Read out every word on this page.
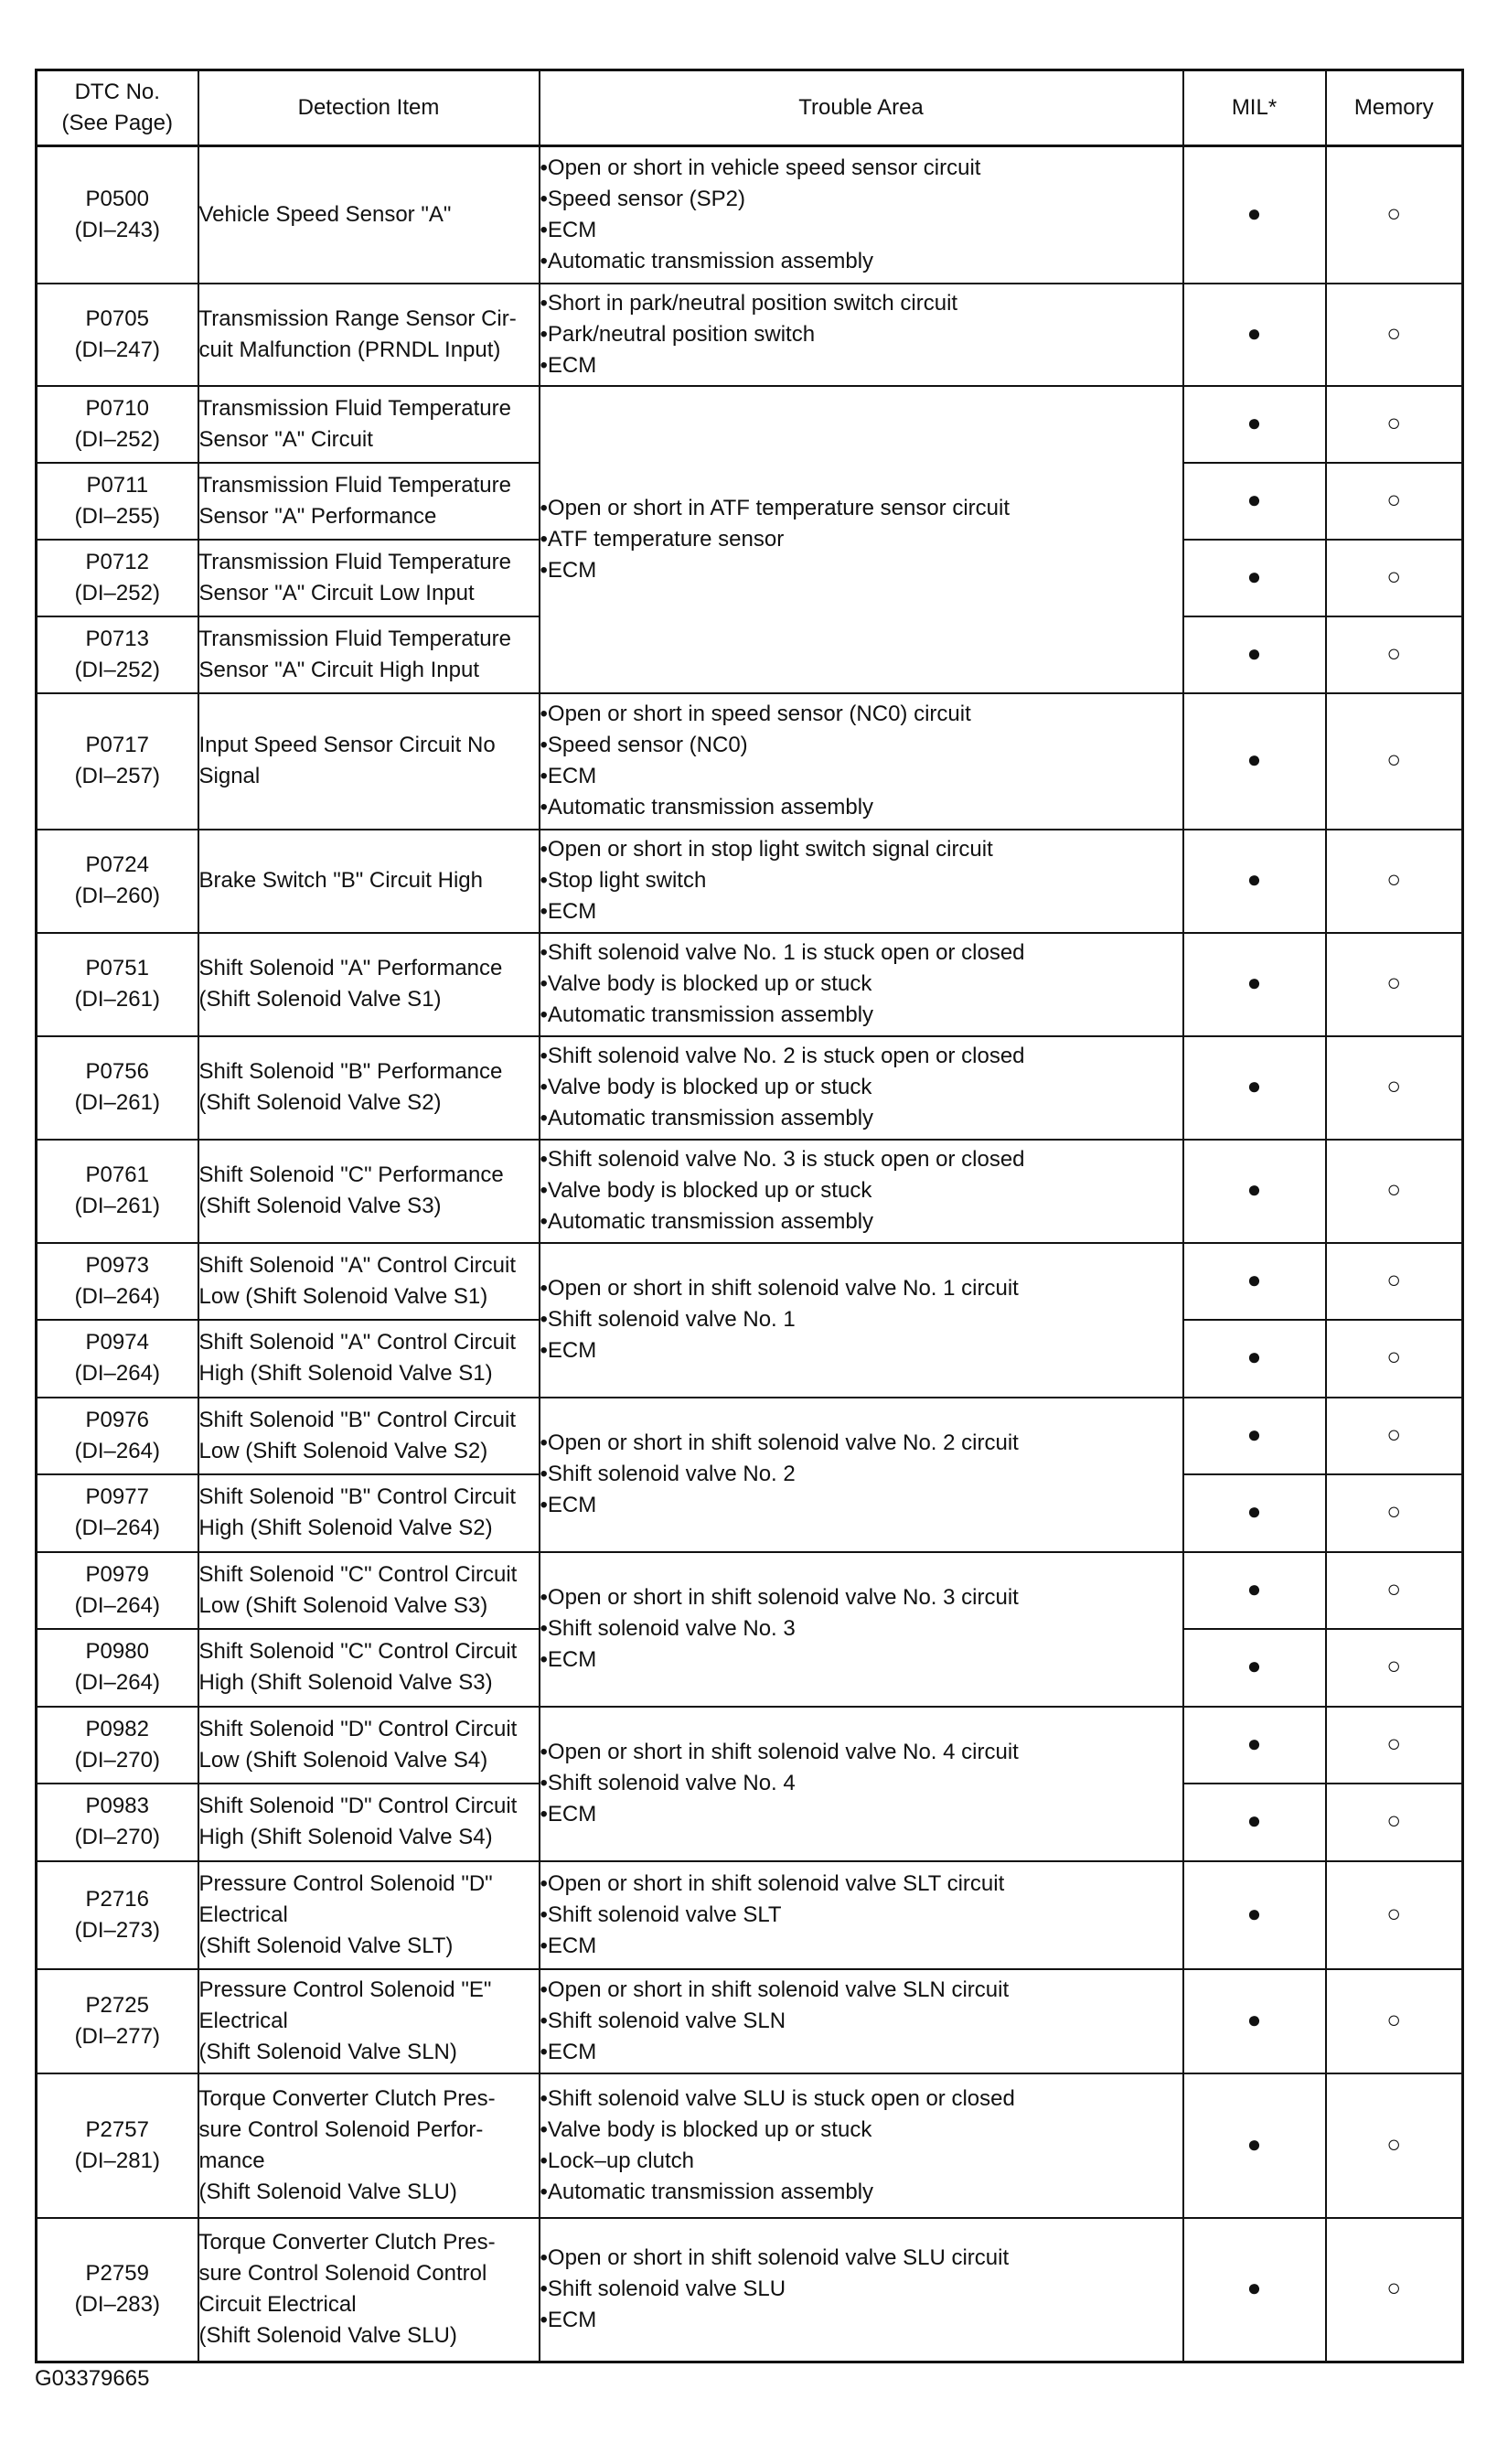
DTC No.
(See Page)	Detection Item	Trouble Area	MIL*	Memory

P0500
(DI–243)	Vehicle Speed Sensor "A"	•Open or short in vehicle speed sensor circuit
•Speed sensor (SP2)
•ECM
•Automatic transmission assembly	●	○

P0705
(DI–247)	Transmission Range Sensor Cir-
cuit Malfunction (PRNDL Input)	•Short in park/neutral position switch circuit
•Park/neutral position switch
•ECM	●	○

P0710
(DI–252)	Transmission Fluid Temperature
Sensor "A" Circuit	•Open or short in ATF temperature sensor circuit
•ATF temperature sensor
•ECM	●	○

P0711
(DI–255)	Transmission Fluid Temperature
Sensor "A" Performance		●	○

P0712
(DI–252)	Transmission Fluid Temperature
Sensor "A" Circuit Low Input		●	○

P0713
(DI–252)	Transmission Fluid Temperature
Sensor "A" Circuit High Input		●	○

P0717
(DI–257)	Input Speed Sensor Circuit No
Signal	•Open or short in speed sensor (NC0) circuit
•Speed sensor (NC0)
•ECM
•Automatic transmission assembly	●	○

P0724
(DI–260)	Brake Switch "B" Circuit High	•Open or short in stop light switch signal circuit
•Stop light switch
•ECM	●	○

P0751
(DI–261)	Shift Solenoid "A" Performance
(Shift Solenoid Valve S1)	•Shift solenoid valve No. 1 is stuck open or closed
•Valve body is blocked up or stuck
•Automatic transmission assembly	●	○

P0756
(DI–261)	Shift Solenoid "B" Performance
(Shift Solenoid Valve S2)	•Shift solenoid valve No. 2 is stuck open or closed
•Valve body is blocked up or stuck
•Automatic transmission assembly	●	○

P0761
(DI–261)	Shift Solenoid "C" Performance
(Shift Solenoid Valve S3)	•Shift solenoid valve No. 3 is stuck open or closed
•Valve body is blocked up or stuck
•Automatic transmission assembly	●	○

P0973
(DI–264)	Shift Solenoid "A" Control Circuit
Low (Shift Solenoid Valve S1)	•Open or short in shift solenoid valve No. 1 circuit
•Shift solenoid valve No. 1
•ECM	●	○

P0974
(DI–264)	Shift Solenoid "A" Control Circuit
High (Shift Solenoid Valve S1)		●	○

P0976
(DI–264)	Shift Solenoid "B" Control Circuit
Low (Shift Solenoid Valve S2)	•Open or short in shift solenoid valve No. 2 circuit
•Shift solenoid valve No. 2
•ECM	●	○

P0977
(DI–264)	Shift Solenoid "B" Control Circuit
High (Shift Solenoid Valve S2)		●	○

P0979
(DI–264)	Shift Solenoid "C" Control Circuit
Low (Shift Solenoid Valve S3)	•Open or short in shift solenoid valve No. 3 circuit
•Shift solenoid valve No. 3
•ECM	●	○

P0980
(DI–264)	Shift Solenoid "C" Control Circuit
High (Shift Solenoid Valve S3)		●	○

P0982
(DI–270)	Shift Solenoid "D" Control Circuit
Low (Shift Solenoid Valve S4)	•Open or short in shift solenoid valve No. 4 circuit
•Shift solenoid valve No. 4
•ECM	●	○

P0983
(DI–270)	Shift Solenoid "D" Control Circuit
High (Shift Solenoid Valve S4)		●	○

P2716
(DI–273)	Pressure Control Solenoid "D"
Electrical
(Shift Solenoid Valve SLT)	•Open or short in shift solenoid valve SLT circuit
•Shift solenoid valve SLT
•ECM	●	○

P2725
(DI–277)	Pressure Control Solenoid "E"
Electrical
(Shift Solenoid Valve SLN)	•Open or short in shift solenoid valve SLN circuit
•Shift solenoid valve SLN
•ECM	●	○

P2757
(DI–281)	Torque Converter Clutch Pres-
sure Control Solenoid Perfor-
mance
(Shift Solenoid Valve SLU)	•Shift solenoid valve SLU is stuck open or closed
•Valve body is blocked up or stuck
•Lock–up clutch
•Automatic transmission assembly	●	○

P2759
(DI–283)	Torque Converter Clutch Pres-
sure Control Solenoid Control
Circuit Electrical
(Shift Solenoid Valve SLU)	•Open or short in shift solenoid valve SLU circuit
•Shift solenoid valve SLU
•ECM	●	○
G03379665
